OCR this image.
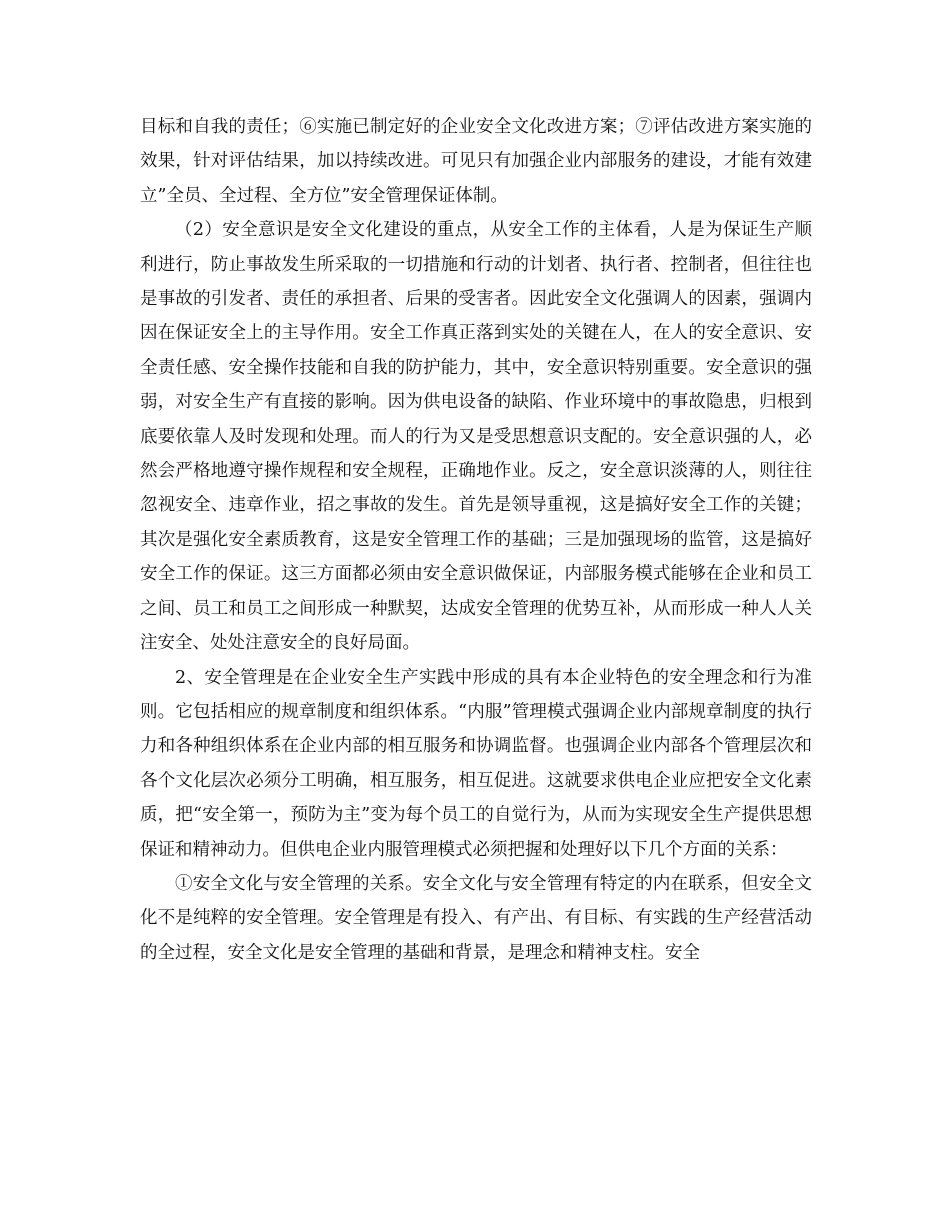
目标和自我的责任；⑥实施已制定好的企业安全文化改进方案；⑦评估改进方案实施的效果，针对评估结果，加以持续改进。可见只有加强企业内部服务的建设，才能有效建立”全员、全过程、全方位”安全管理保证体制。

（2）安全意识是安全文化建设的重点，从安全工作的主体看，人是为保证生产顺利进行，防止事故发生所采取的一切措施和行动的计划者、执行者、控制者，但往往也是事故的引发者、责任的承担者、后果的受害者。因此安全文化强调人的因素，强调内因在保证安全上的主导作用。安全工作真正落到实处的关键在人，在人的安全意识、安全责任感、安全操作技能和自我的防护能力，其中，安全意识特别重要。安全意识的强弱，对安全生产有直接的影响。因为供电设备的缺陷、作业环境中的事故隐患，归根到底要依靠人及时发现和处理。而人的行为又是受思想意识支配的。安全意识强的人，必然会严格地遵守操作规程和安全规程，正确地作业。反之，安全意识淡薄的人，则往往忽视安全、违章作业，招之事故的发生。首先是领导重视，这是搞好安全工作的关键；其次是强化安全素质教育，这是安全管理工作的基础；三是加强现场的监管，这是搞好安全工作的保证。这三方面都必须由安全意识做保证，内部服务模式能够在企业和员工之间、员工和员工之间形成一种默契，达成安全管理的优势互补，从而形成一种人人关注安全、处处注意安全的良好局面。

2、安全管理是在企业安全生产实践中形成的具有本企业特色的安全理念和行为准则。它包括相应的规章制度和组织体系。“内服”管理模式强调企业内部规章制度的执行力和各种组织体系在企业内部的相互服务和协调监督。也强调企业内部各个管理层次和各个文化层次必须分工明确，相互服务，相互促进。这就要求供电企业应把安全文化素质，把“安全第一，预防为主”变为每个员工的自觉行为，从而为实现安全生产提供思想保证和精神动力。但供电企业内服管理模式必须把握和处理好以下几个方面的关系：

①安全文化与安全管理的关系。安全文化与安全管理有特定的内在联系，但安全文化不是纯粹的安全管理。安全管理是有投入、有产出、有目标、有实践的生产经营活动的全过程，安全文化是安全管理的基础和背景，是理念和精神支柱。安全
